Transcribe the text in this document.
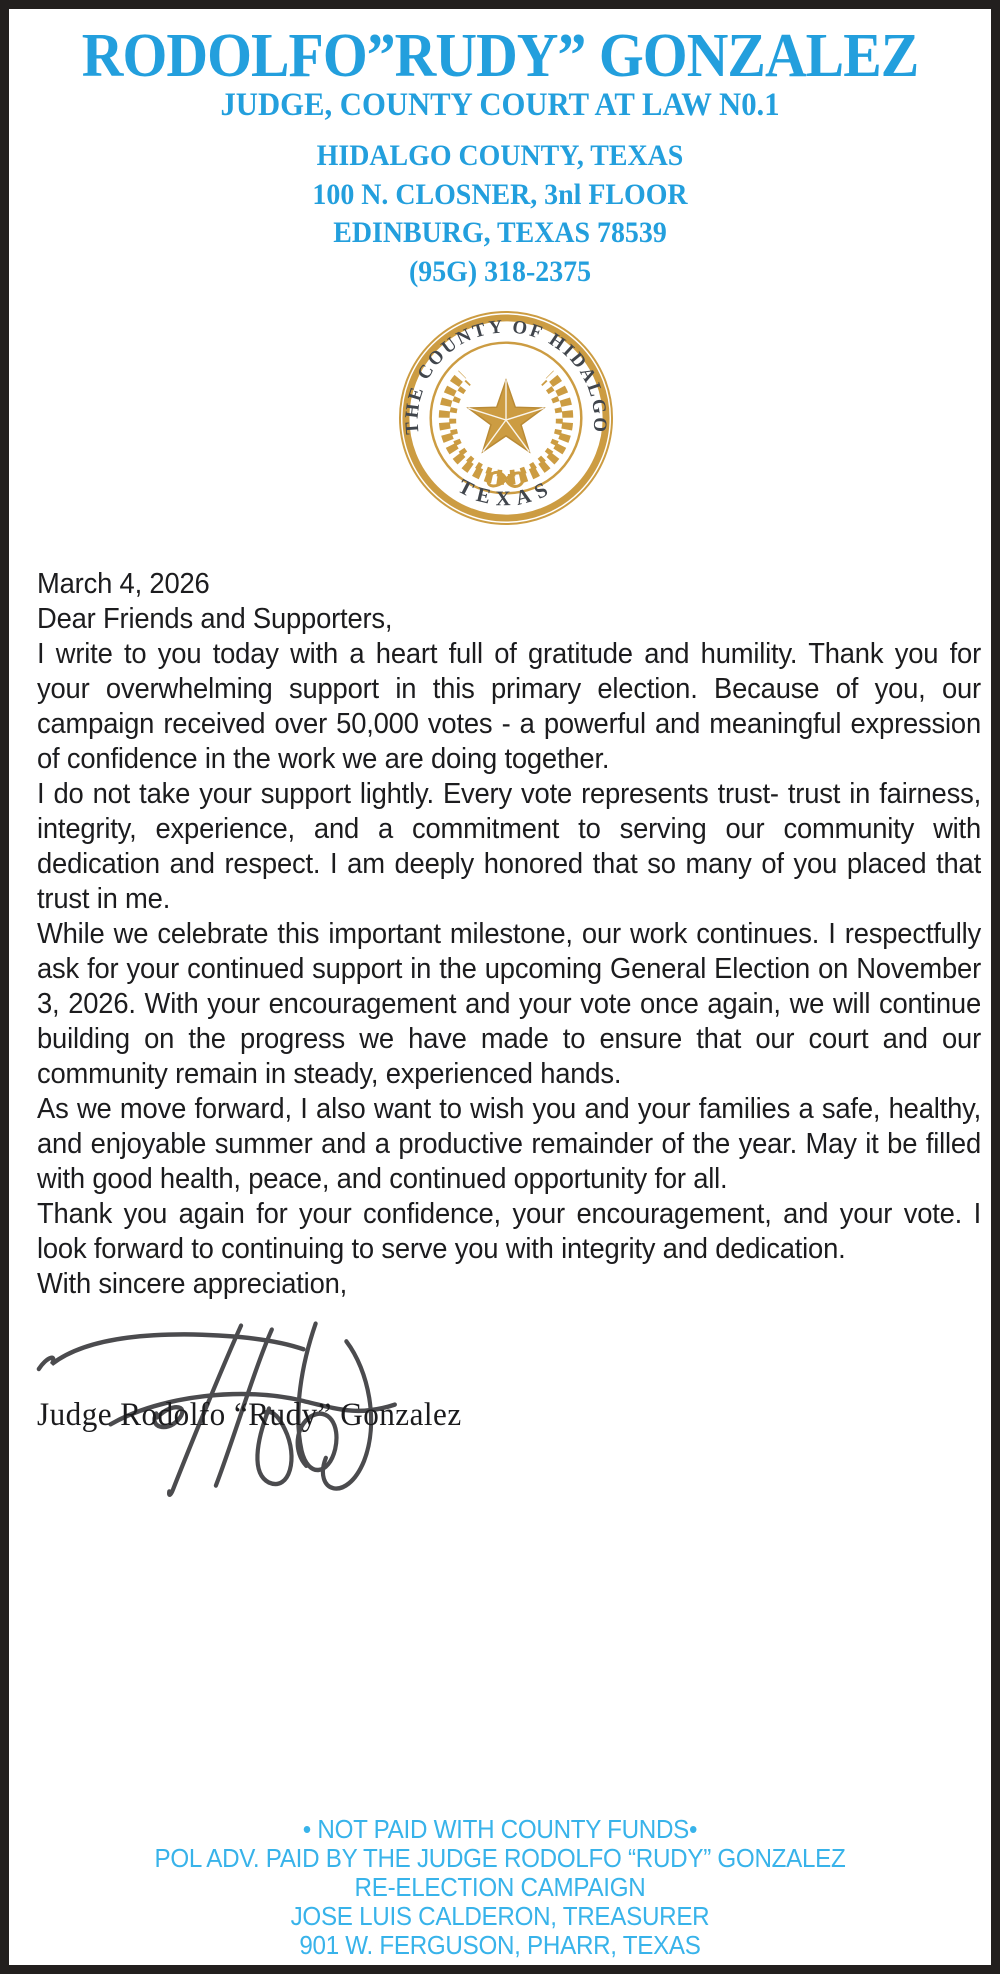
RODOLFO”RUDY” GONZALEZ
JUDGE, COUNTY COURT AT LAW N0.1
HIDALGO COUNTY, TEXAS
100 N. CLOSNER, 3nl FLOOR
EDINBURG, TEXAS 78539
(95G) 318-2375
THE COUNTY OF HIDALGO
TEXAS

March 4, 2026

Dear Friends and Supporters,

I write to you today with a heart full of gratitude and humility. Thank you for your overwhelming support in this primary election. Because of you, our campaign received over 50,000 votes - a powerful and meaningful expression of confidence in the work we are doing together.

I do not take your support lightly. Every vote represents trust- trust in fairness, integrity, experience, and a commitment to serving our community with dedication and respect. I am deeply honored that so many of you placed that trust in me.

While we celebrate this important milestone, our work continues. I respectfully ask for your continued support in the upcoming General Election on November 3, 2026. With your encouragement and your vote once again, we will continue building on the progress we have made to ensure that our court and our community remain in steady, experienced hands.

As we move forward, I also want to wish you and your families a safe, healthy, and enjoyable summer and a productive remainder of the year. May it be filled with good health, peace, and continued opportunity for all.

Thank you again for your confidence, your encouragement, and your vote. I look forward to continuing to serve you with integrity and dedication.

With sincere appreciation,

Judge Rodolfo “Rudy” Gonzalez
• NOT PAID WITH COUNTY FUNDS•
POL ADV. PAID BY THE JUDGE RODOLFO “RUDY” GONZALEZ
RE-ELECTION CAMPAIGN
JOSE LUIS CALDERON, TREASURER
901 W. FERGUSON, PHARR, TEXAS
